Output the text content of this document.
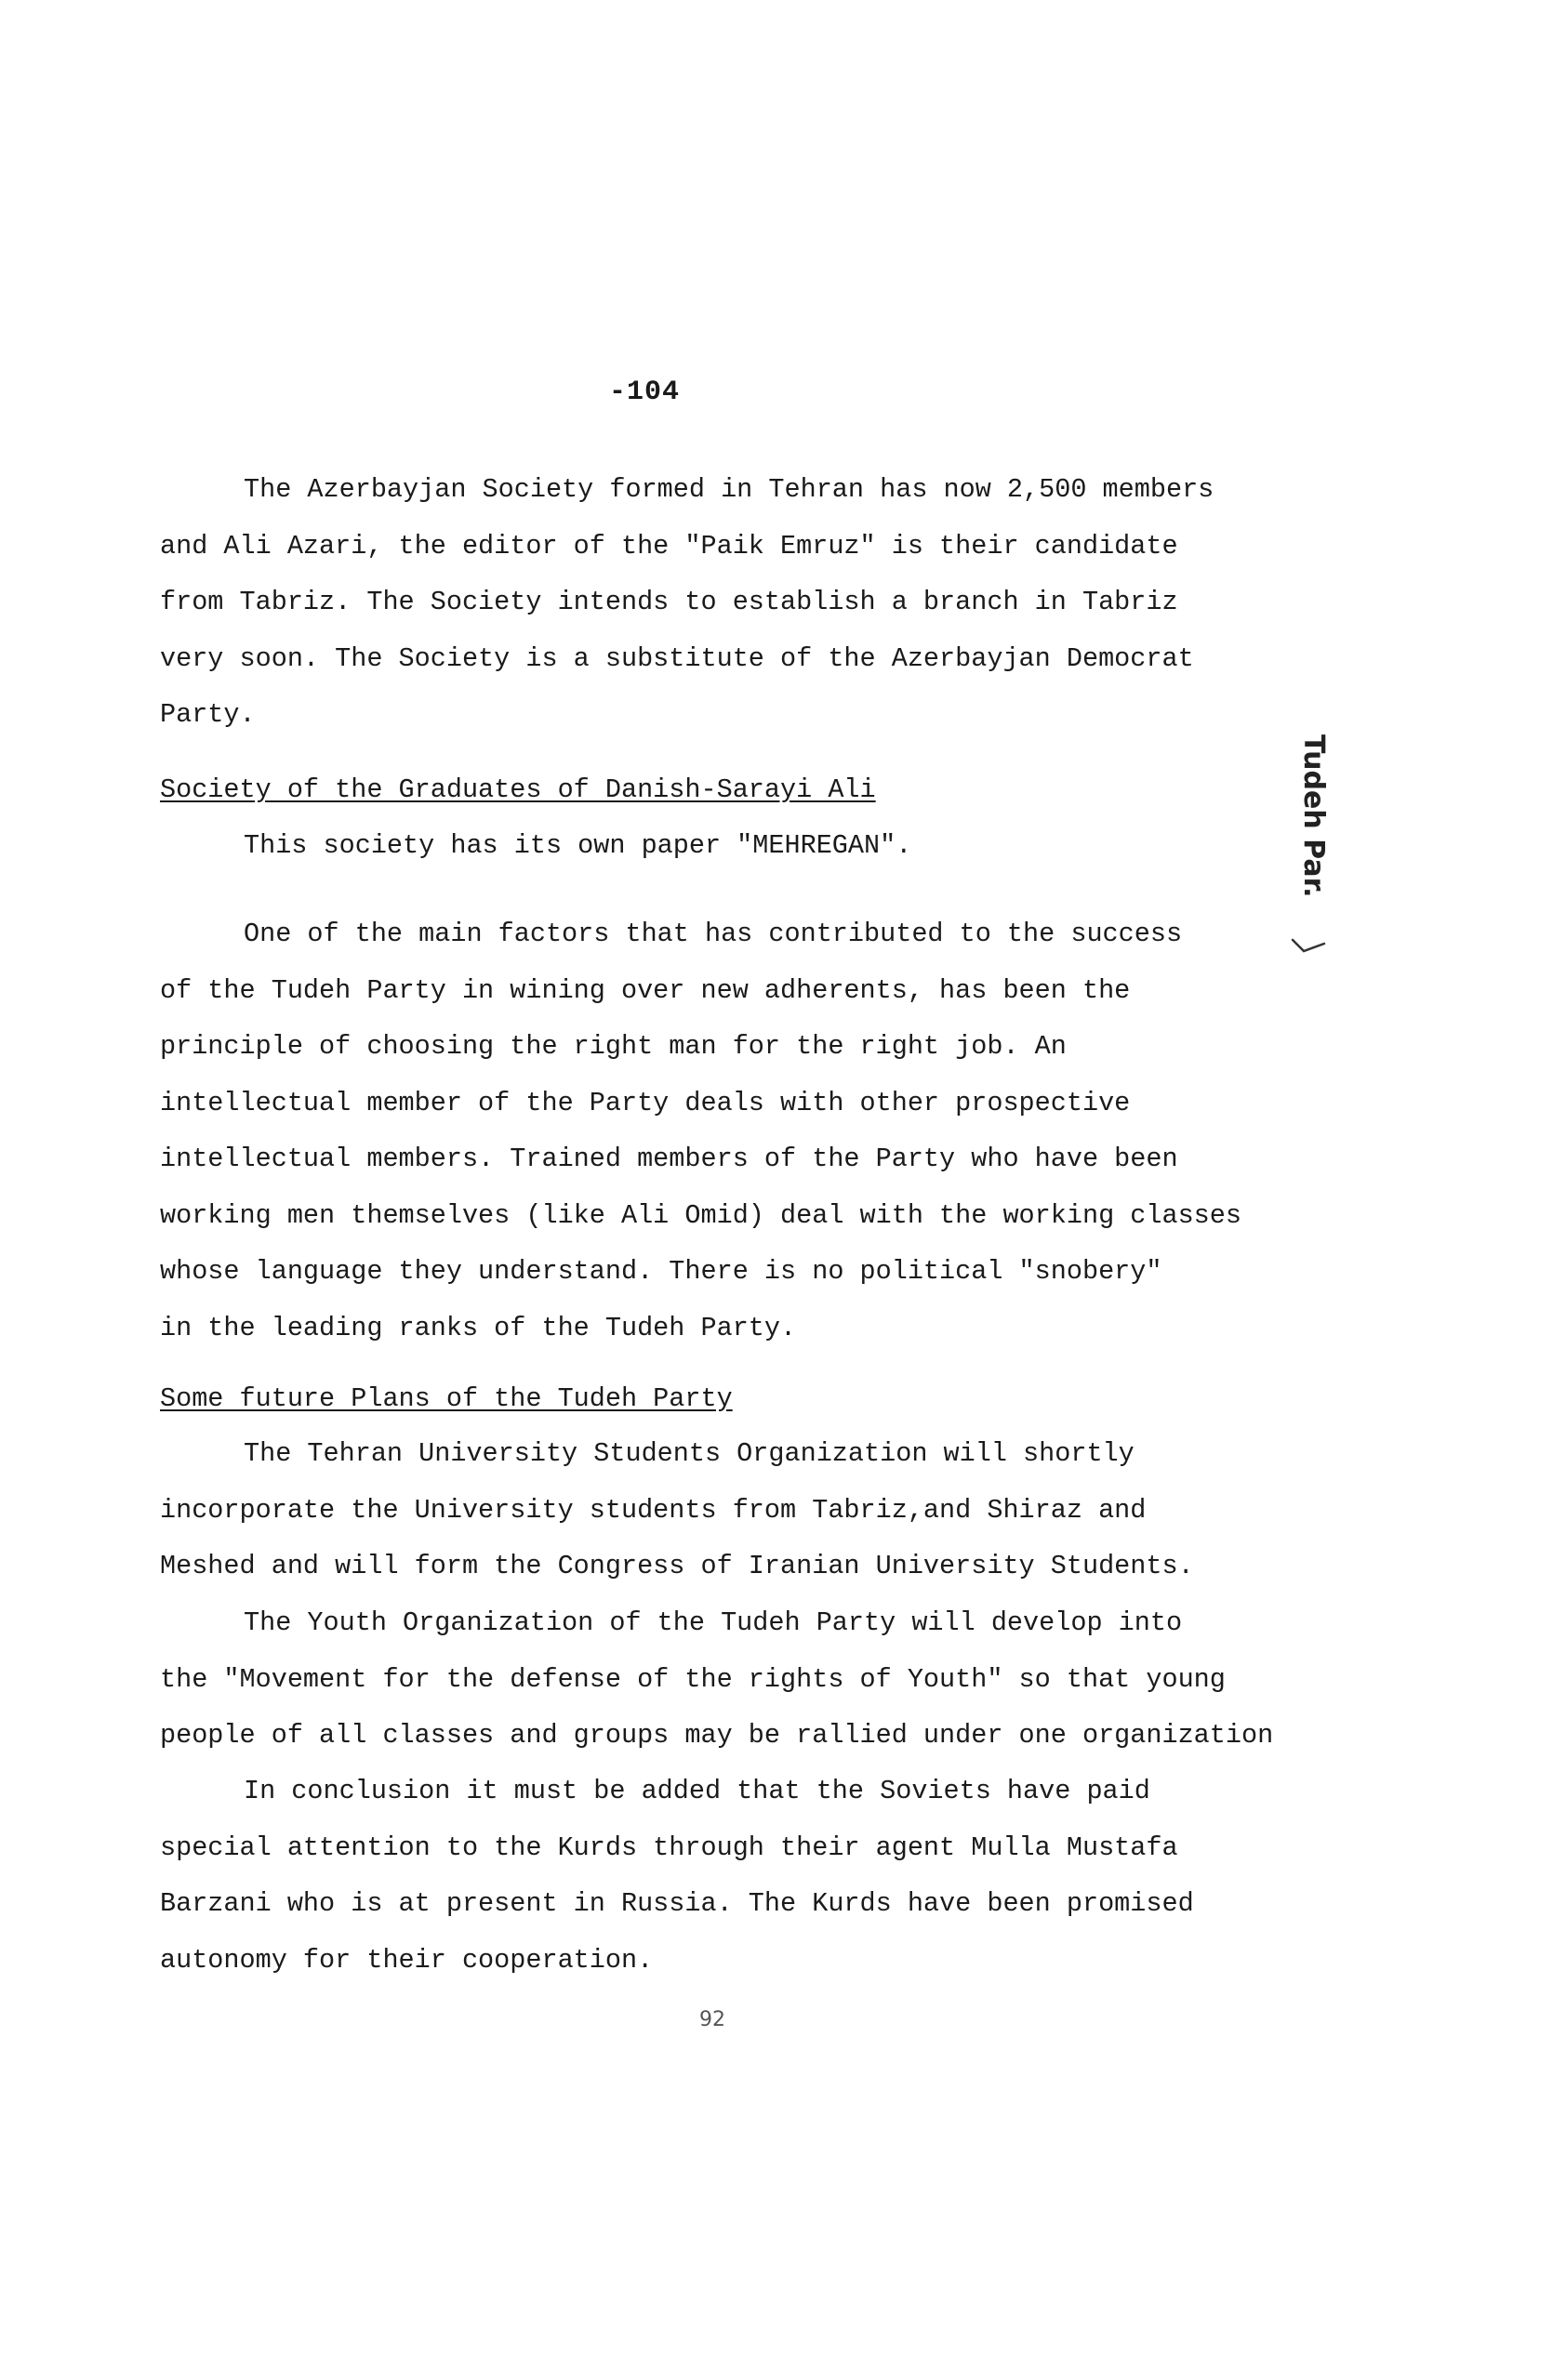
-104
The Azerbayjan Society formed in Tehran has now 2,500 members
and Ali Azari, the editor of the "Paik Emruz" is their candidate
from Tabriz. The Society intends to establish a branch in Tabriz
very soon. The Society is a substitute of the Azerbayjan Democrat
Party.
Society of the Graduates of Danish-Sarayi Ali
This society has its own paper "MEHREGAN".
One of the main factors that has contributed to the success
of the Tudeh Party in wining over new adherents, has been the
principle of choosing the right man for the right job. An
intellectual member of the Party deals with other prospective
intellectual members. Trained members of the Party who have been
working men themselves (like Ali Omid) deal with the working classes
whose language they understand. There is no political "snobery"
in the leading ranks of the Tudeh Party.
Some future Plans of the Tudeh Party
The Tehran University Students Organization will shortly
incorporate the University students from Tabriz,and Shiraz and
Meshed and will form the Congress of Iranian University Students.
The Youth Organization of the Tudeh Party will develop into
the "Movement for the defense of the rights of Youth" so that young
people of all classes and groups may be rallied under one organization
In conclusion it must be added that the Soviets have paid
special attention to the Kurds through their agent Mulla Mustafa
Barzani who is at present in Russia. The Kurds have been promised
autonomy for their cooperation.
Tudeh Par.
92
